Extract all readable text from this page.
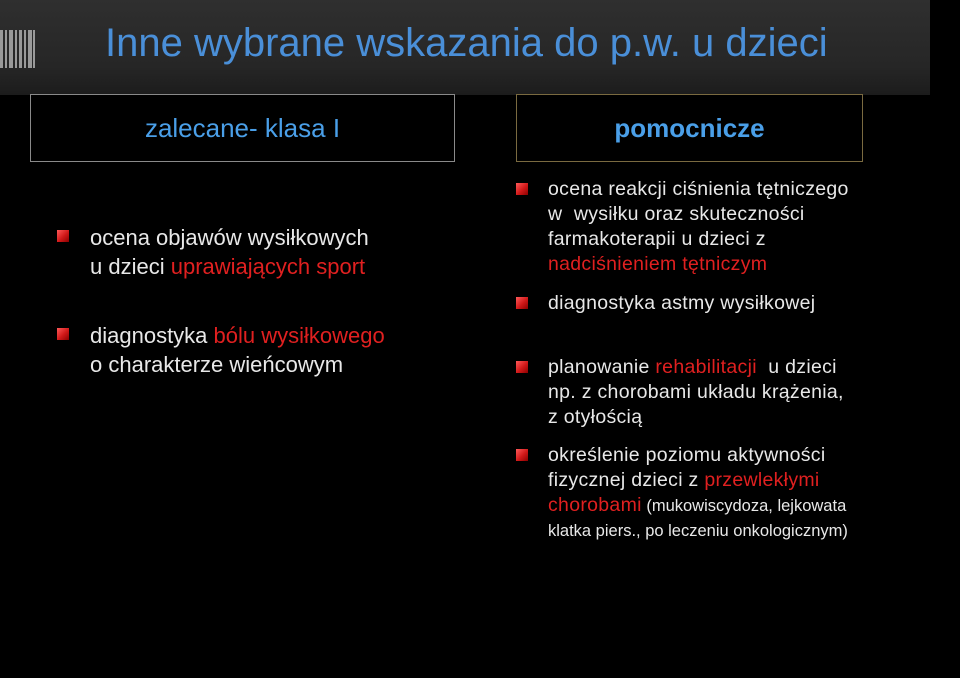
Inne wybrane wskazania do p.w. u dzieci
zalecane- klasa I	pomocnicze
ocena objawów wysiłkowych
u dzieci uprawiających sport
diagnostyka bólu wysiłkowego
o charakterze wieńcowym
ocena reakcji ciśnienia tętniczego
w  wysiłku oraz skuteczności
farmakoterapii u dzieci z
nadciśnieniem tętniczym
diagnostyka astmy wysiłkowej
planowanie rehabilitacji  u dzieci
np. z chorobami układu krążenia,
z otyłością
określenie poziomu aktywności
fizycznej dzieci z przewlekłymi
chorobami (mukowiscydoza, lejkowata
klatka piers., po leczeniu onkologicznym)
